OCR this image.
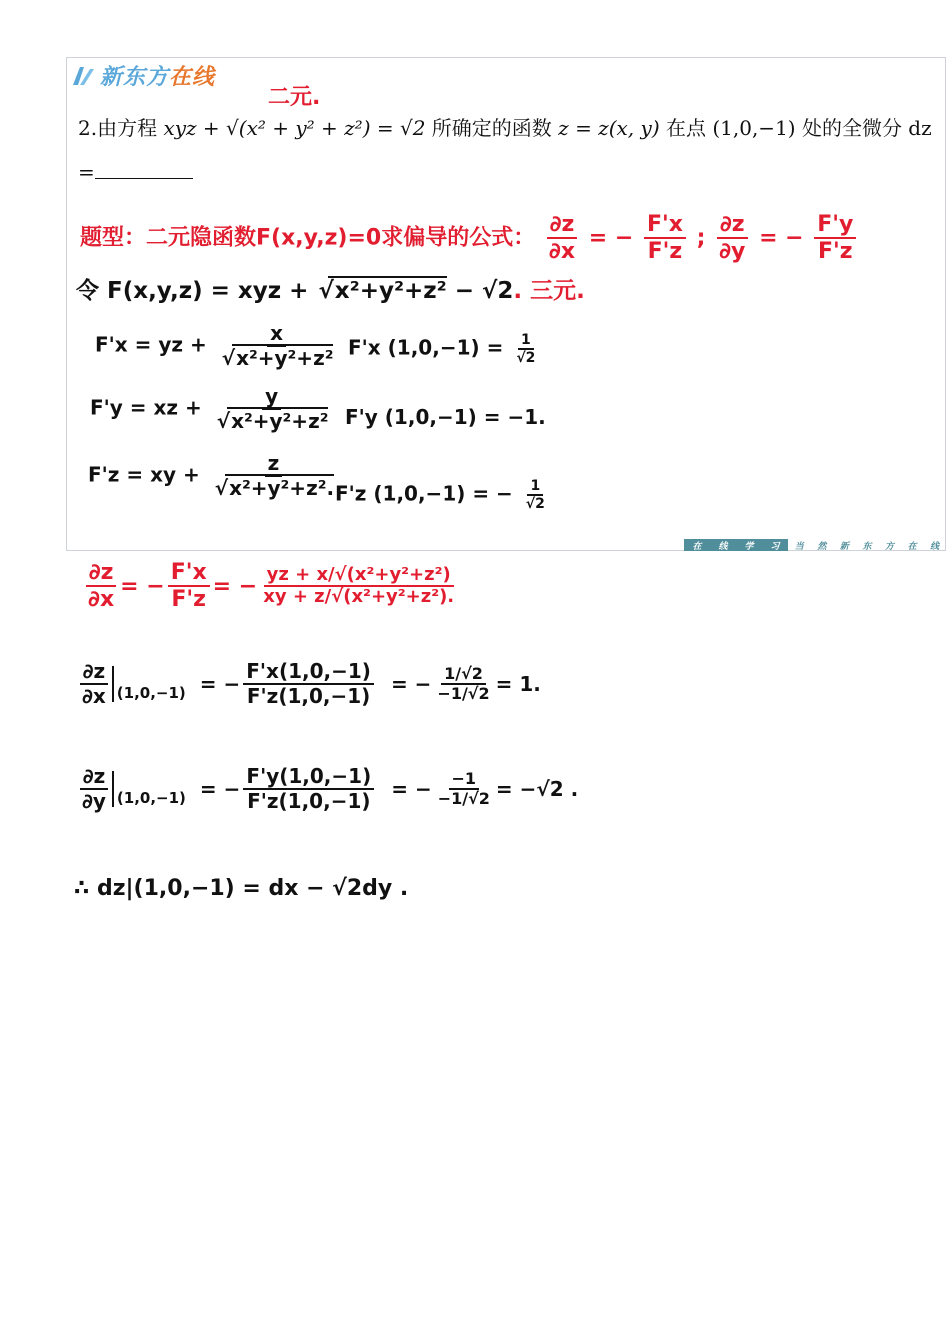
新东方在线
二元.
2.由方程 xyz + √(x² + y² + z²) = √2 所确定的函数 z = z(x, y) 在点 (1,0,−1) 处的全微分 dz
=
题型：二元隐函数F(x,y,z)=0求偏导的公式： $\frac{\partial z}{\partial x}$ = − $\frac{F'x}{F'z}$ ; $\frac{\partial z}{\partial y}$ = − $\frac{F'y}{F'z}$
令 F(x,y,z) = xyz + √ x²+y²+z² − √2. 三元.
F'x = yz + x
√ x²+y²+z² F'x $(1,0,-1) = \frac{1}{√2}$
F'y = xz + y
√ x²+y²+z² F'y (1,0,−1) = −1.
F'z = xy + z
√ x²+y²+z².
F'z (1,0,−1) = − $\frac{1}{√2}$
在 线 学 习 当 然 新 东 方 在 线
$\frac{\partial z}{\partial x}$ = − $\frac{F'x}{F'z}$ = − $\frac{\text{yz + x/√(x²+y²+z²)}}{\text{xy + z/√(x²+y²+z²).}}$
$\frac{\partial z}{\partial x} (1,0,-1)$ = − $\frac{F'x(1,0,-1)}{F'z(1,0,-1)}$ = − $\frac{1/√2}{-1/√2} = 1$.
$\frac{\partial z}{\partial y} (1,0,-1)$ = − $\frac{F'y(1,0,-1)}{F'z(1,0,-1)}$ = − $\frac{-1}{-1/√2} = -√2$ .
∴ dz|(1,0,−1) = dx − √2dy .
